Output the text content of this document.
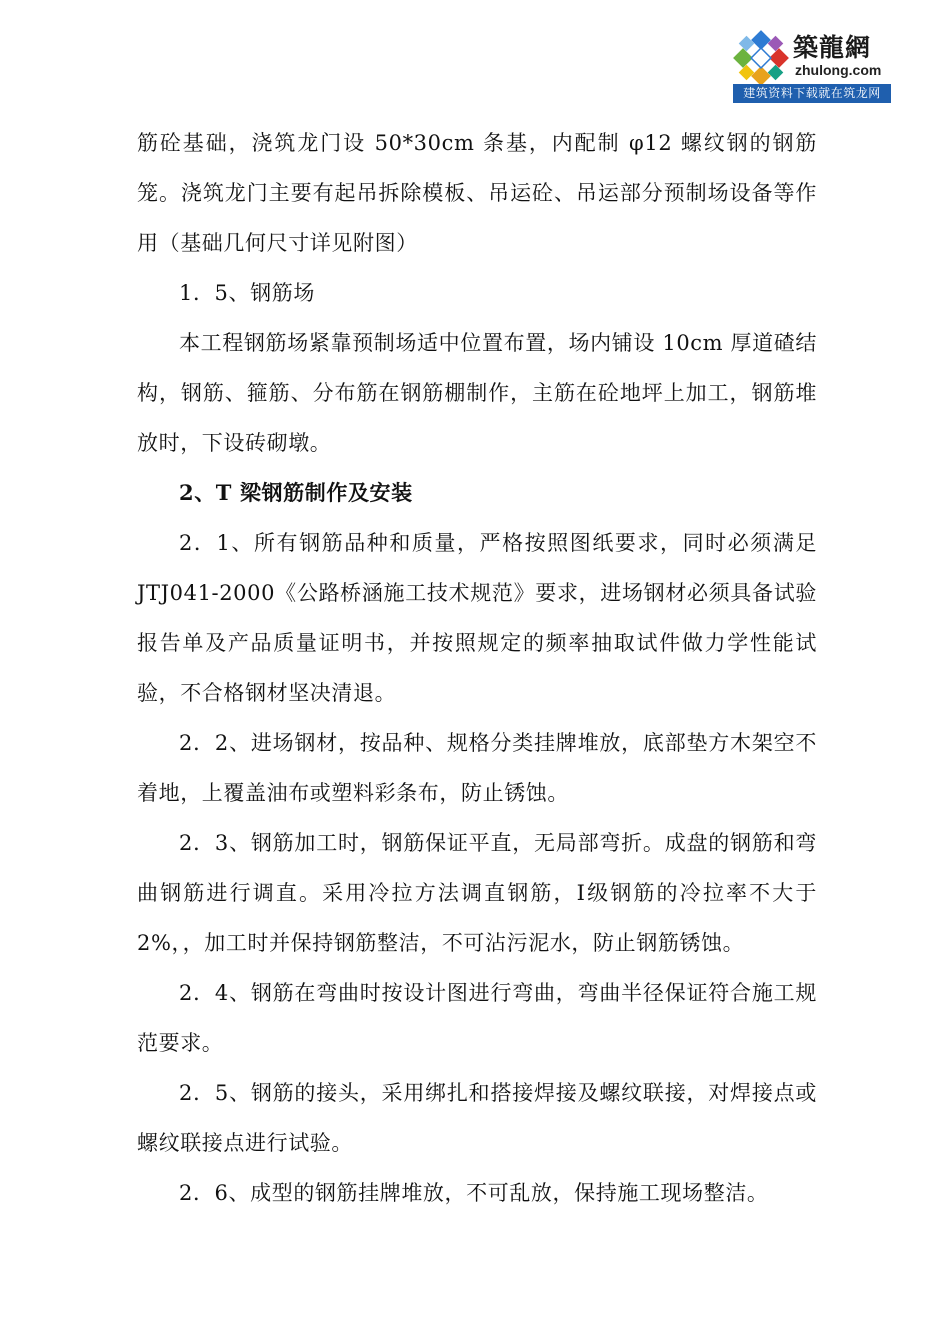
築龍網
zhulong.com
建筑资料下载就在筑龙网

筋砼基础，浇筑龙门设 50*30cm 条基，内配制 φ12 螺纹钢的钢筋笼。浇筑龙门主要有起吊拆除模板、吊运砼、吊运部分预制场设备等作用（基础几何尺寸详见附图）

1．5、钢筋场

本工程钢筋场紧靠预制场适中位置布置，场内铺设 10cm 厚道碴结构，钢筋、箍筋、分布筋在钢筋棚制作，主筋在砼地坪上加工，钢筋堆放时，下设砖砌墩。

2、T 梁钢筋制作及安装

2．1、所有钢筋品种和质量，严格按照图纸要求，同时必须满足 JTJ041-2000《公路桥涵施工技术规范》要求，进场钢材必须具备试验报告单及产品质量证明书，并按照规定的频率抽取试件做力学性能试验，不合格钢材坚决清退。

2．2、进场钢材，按品种、规格分类挂牌堆放，底部垫方木架空不着地，上覆盖油布或塑料彩条布，防止锈蚀。

2．3、钢筋加工时，钢筋保证平直，无局部弯折。成盘的钢筋和弯曲钢筋进行调直。采用冷拉方法调直钢筋，Ⅰ级钢筋的冷拉率不大于 2%，，加工时并保持钢筋整洁，不可沾污泥水，防止钢筋锈蚀。

2．4、钢筋在弯曲时按设计图进行弯曲，弯曲半径保证符合施工规范要求。

2．5、钢筋的接头，采用绑扎和搭接焊接及螺纹联接，对焊接点或螺纹联接点进行试验。

2．6、成型的钢筋挂牌堆放，不可乱放，保持施工现场整洁。
